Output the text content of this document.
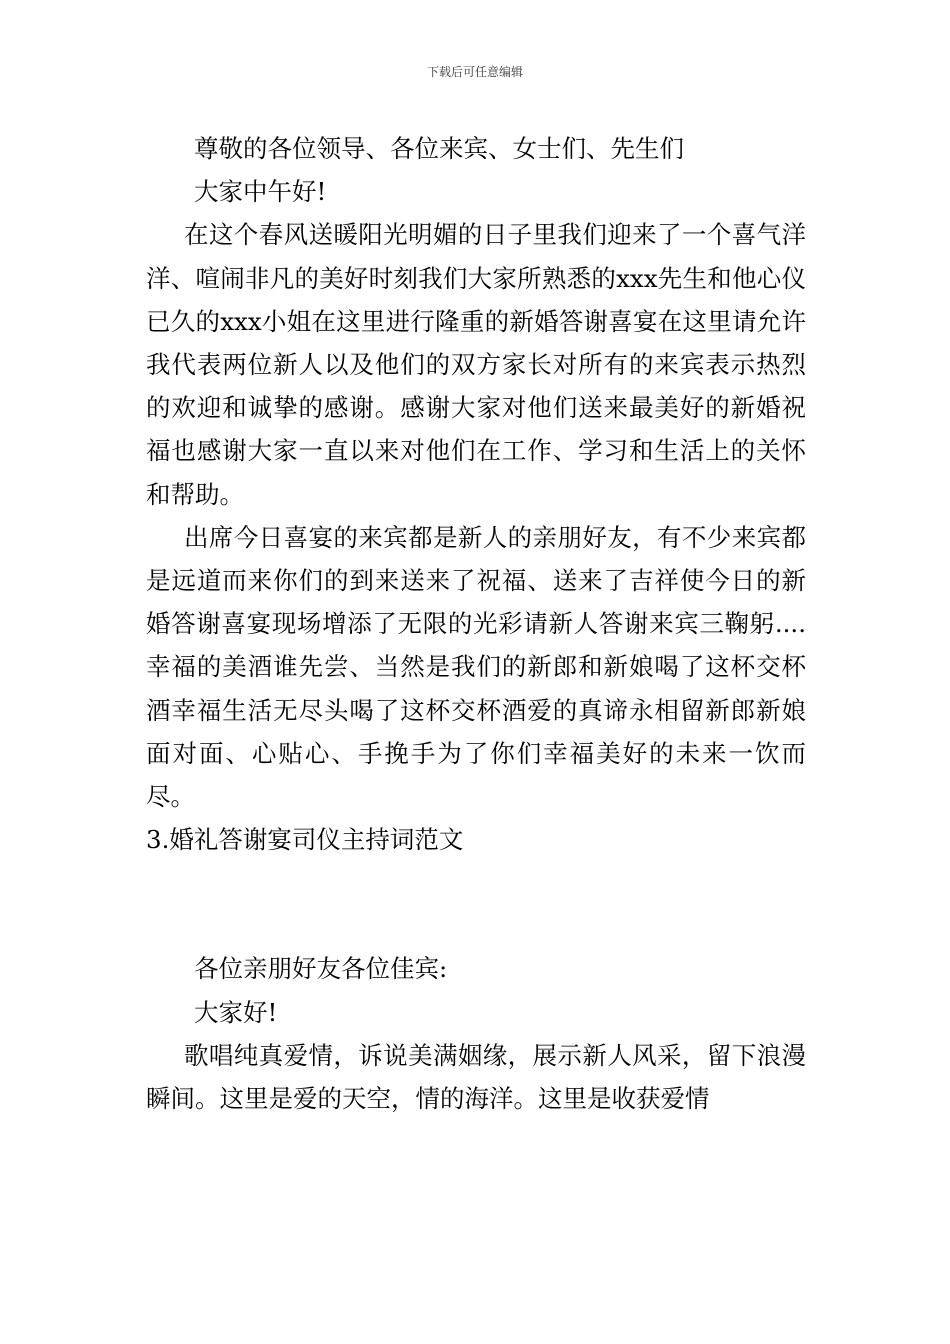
下载后可任意编辑

尊敬的各位领导、各位来宾、女士们、先生们

大家中午好!

在这个春风送暖阳光明媚的日子里我们迎来了一个喜气洋洋、喧闹非凡的美好时刻我们大家所熟悉的xxx先生和他心仪已久的xxx小姐在这里进行隆重的新婚答谢喜宴在这里请允许我代表两位新人以及他们的双方家长对所有的来宾表示热烈的欢迎和诚挚的感谢。感谢大家对他们送来最美好的新婚祝福也感谢大家一直以来对他们在工作、学习和生活上的关怀和帮助。

出席今日喜宴的来宾都是新人的亲朋好友，有不少来宾都是远道而来你们的到来送来了祝福、送来了吉祥使今日的新婚答谢喜宴现场增添了无限的光彩请新人答谢来宾三鞠躬....幸福的美酒谁先尝、当然是我们的新郎和新娘喝了这杯交杯酒幸福生活无尽头喝了这杯交杯酒爱的真谛永相留新郎新娘面对面、心贴心、手挽手为了你们幸福美好的未来一饮而尽。

3.婚礼答谢宴司仪主持词范文

各位亲朋好友各位佳宾:

大家好!

歌唱纯真爱情，诉说美满姻缘，展示新人风采，留下浪漫瞬间。这里是爱的天空，情的海洋。这里是收获爱情
